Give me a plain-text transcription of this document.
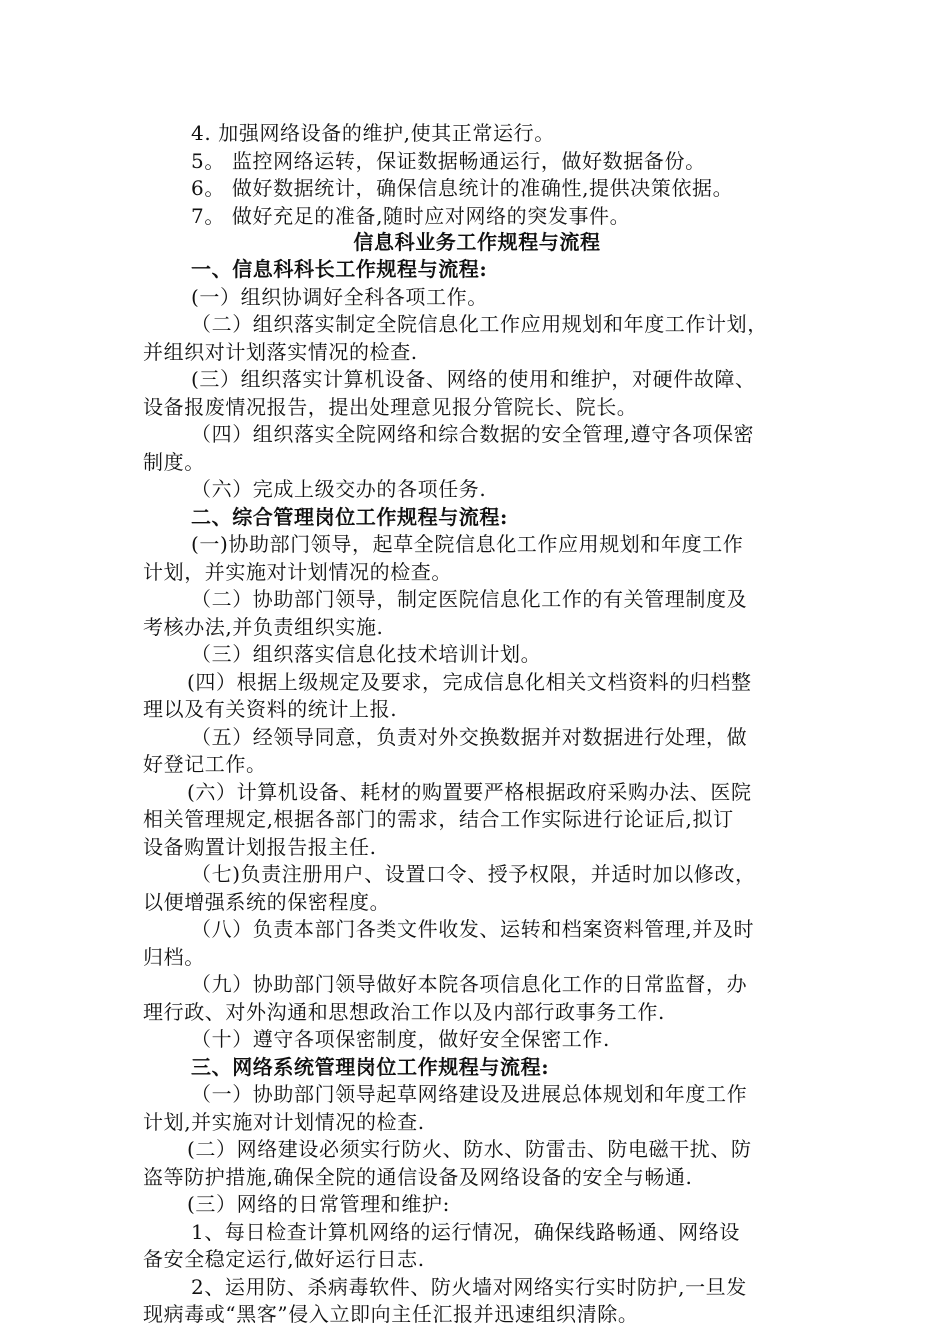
4. 加强网络设备的维护,使其正常运行。
5。 监控网络运转，保证数据畅通运行，做好数据备份。
6。 做好数据统计，确保信息统计的准确性,提供决策依据。
7。 做好充足的准备,随时应对网络的突发事件。
信息科业务工作规程与流程
一、信息科科长工作规程与流程:
(一）组织协调好全科各项工作。
（二）组织落实制定全院信息化工作应用规划和年度工作计划，
并组织对计划落实情况的检查.
(三）组织落实计算机设备、网络的使用和维护，对硬件故障、
设备报废情况报告，提出处理意见报分管院长、院长。
（四）组织落实全院网络和综合数据的安全管理,遵守各项保密
制度。
（六）完成上级交办的各项任务.
二、综合管理岗位工作规程与流程:
(一)协助部门领导，起草全院信息化工作应用规划和年度工作
计划，并实施对计划情况的检查。
（二）协助部门领导，制定医院信息化工作的有关管理制度及
考核办法,并负责组织实施.
（三）组织落实信息化技术培训计划。
(四）根据上级规定及要求，完成信息化相关文档资料的归档整
理以及有关资料的统计上报.
（五）经领导同意，负责对外交换数据并对数据进行处理，做
好登记工作。
(六）计算机设备、耗材的购置要严格根据政府采购办法、医院
相关管理规定,根据各部门的需求，结合工作实际进行论证后,拟订
设备购置计划报告报主任.
（七)负责注册用户、设置口令、授予权限，并适时加以修改，
以便增强系统的保密程度。
（八）负责本部门各类文件收发、运转和档案资料管理,并及时
归档。
（九）协助部门领导做好本院各项信息化工作的日常监督，办
理行政、对外沟通和思想政治工作以及内部行政事务工作.
（十）遵守各项保密制度，做好安全保密工作.
三、网络系统管理岗位工作规程与流程:
（一）协助部门领导起草网络建设及进展总体规划和年度工作
计划,并实施对计划情况的检查.
(二）网络建设必须实行防火、防水、防雷击、防电磁干扰、防
盗等防护措施,确保全院的通信设备及网络设备的安全与畅通.
(三）网络的日常管理和维护:
1、每日检查计算机网络的运行情况，确保线路畅通、网络设
备安全稳定运行,做好运行日志.
2、运用防、杀病毒软件、防火墙对网络实行实时防护,一旦发
现病毒或“黑客”侵入立即向主任汇报并迅速组织清除。
